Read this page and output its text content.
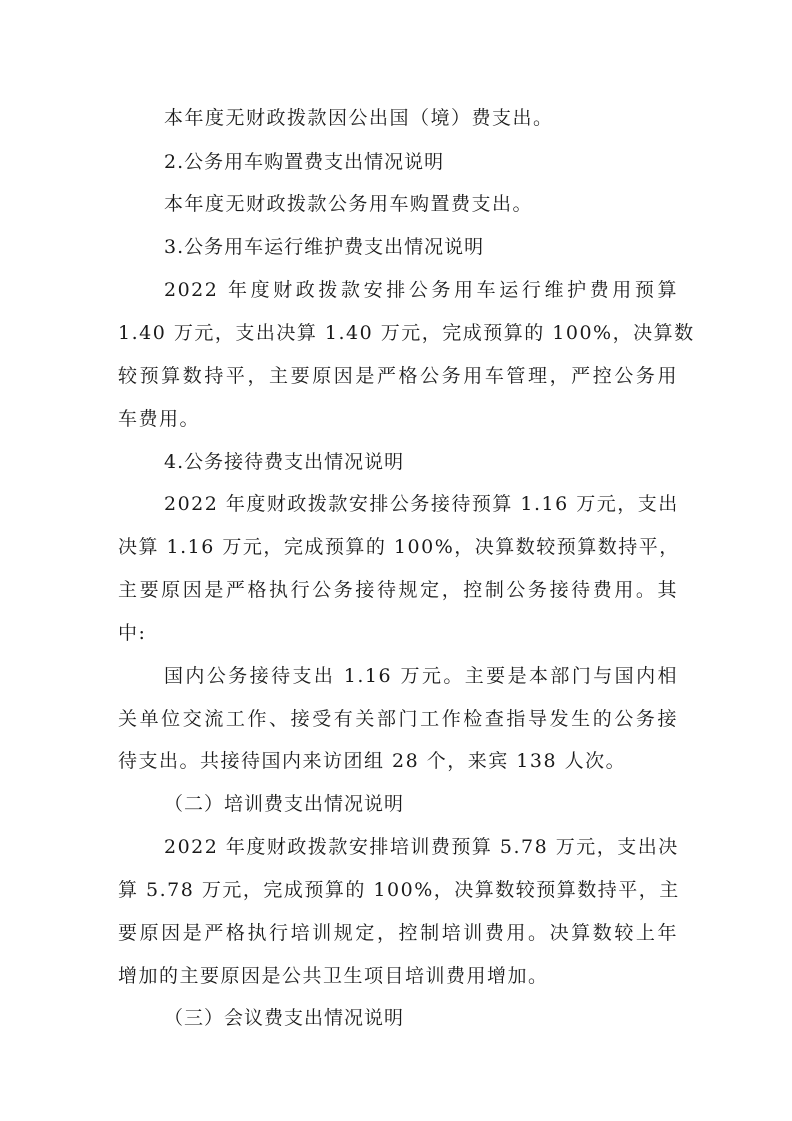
本年度无财政拨款因公出国（境）费支出。
2.公务用车购置费支出情况说明
本年度无财政拨款公务用车购置费支出。
3.公务用车运行维护费支出情况说明
2022 年度财政拨款安排公务用车运行维护费用预算
1.40 万元，支出决算 1.40 万元，完成预算的 100%，决算数
较预算数持平，主要原因是严格公务用车管理，严控公务用
车费用。
4.公务接待费支出情况说明
2022 年度财政拨款安排公务接待预算 1.16 万元，支出
决算 1.16 万元，完成预算的 100%，决算数较预算数持平，
主要原因是严格执行公务接待规定，控制公务接待费用。其
中:
国内公务接待支出 1.16 万元。主要是本部门与国内相
关单位交流工作、接受有关部门工作检查指导发生的公务接
待支出。共接待国内来访团组 28 个，来宾 138 人次。
（二）培训费支出情况说明
2022 年度财政拨款安排培训费预算 5.78 万元，支出决
算 5.78 万元，完成预算的 100%，决算数较预算数持平，主
要原因是严格执行培训规定，控制培训费用。决算数较上年
增加的主要原因是公共卫生项目培训费用增加。
（三）会议费支出情况说明
